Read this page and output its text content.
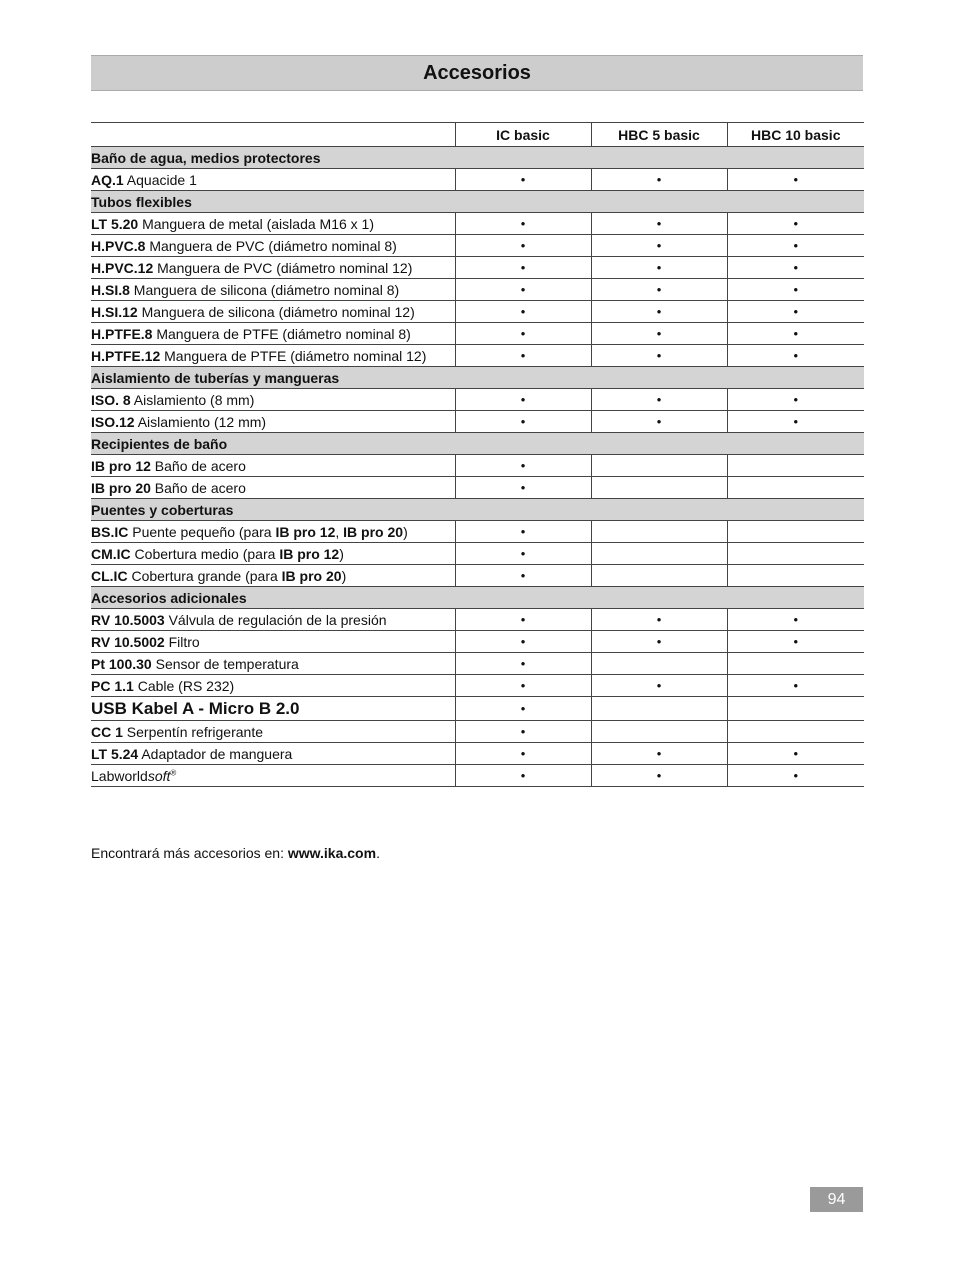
Accesorios
	IC basic	HBC 5 basic	HBC 10 basic
Baño de agua, medios protectores			
AQ.1 Aquacide 1	•	•	•
Tubos flexibles			
LT 5.20 Manguera de metal (aislada M16 x 1)	•	•	•
H.PVC.8 Manguera de PVC (diámetro nominal 8)	•	•	•
H.PVC.12 Manguera de PVC (diámetro nominal 12)	•	•	•
H.SI.8 Manguera de silicona (diámetro nominal 8)	•	•	•
H.SI.12 Manguera de silicona (diámetro nominal 12)	•	•	•
H.PTFE.8 Manguera de PTFE (diámetro nominal 8)	•	•	•
H.PTFE.12 Manguera de PTFE (diámetro nominal 12)	•	•	•
Aislamiento de tuberías y mangueras			
ISO. 8 Aislamiento (8 mm)	•	•	•
ISO.12 Aislamiento (12 mm)	•	•	•
Recipientes de baño			
IB pro 12 Baño de acero	•		
IB pro 20 Baño de acero	•		
Puentes y coberturas			
BS.IC Puente pequeño (para IB pro 12, IB pro 20)	•		
CM.IC Cobertura medio (para IB pro 12)	•		
CL.IC Cobertura grande (para IB pro 20)	•		
Accesorios adicionales			
RV 10.5003 Válvula de regulación de la presión	•	•	•
RV 10.5002 Filtro	•	•	•
Pt 100.30 Sensor de temperatura	•		
PC 1.1 Cable (RS 232)	•	•	•
USB Kabel A - Micro B 2.0	•		
CC 1 Serpentín refrigerante	•		
LT 5.24 Adaptador de manguera	•	•	•
Labworldsoft®	•	•	•
Encontrará más accesorios en: www.ika.com.
94
